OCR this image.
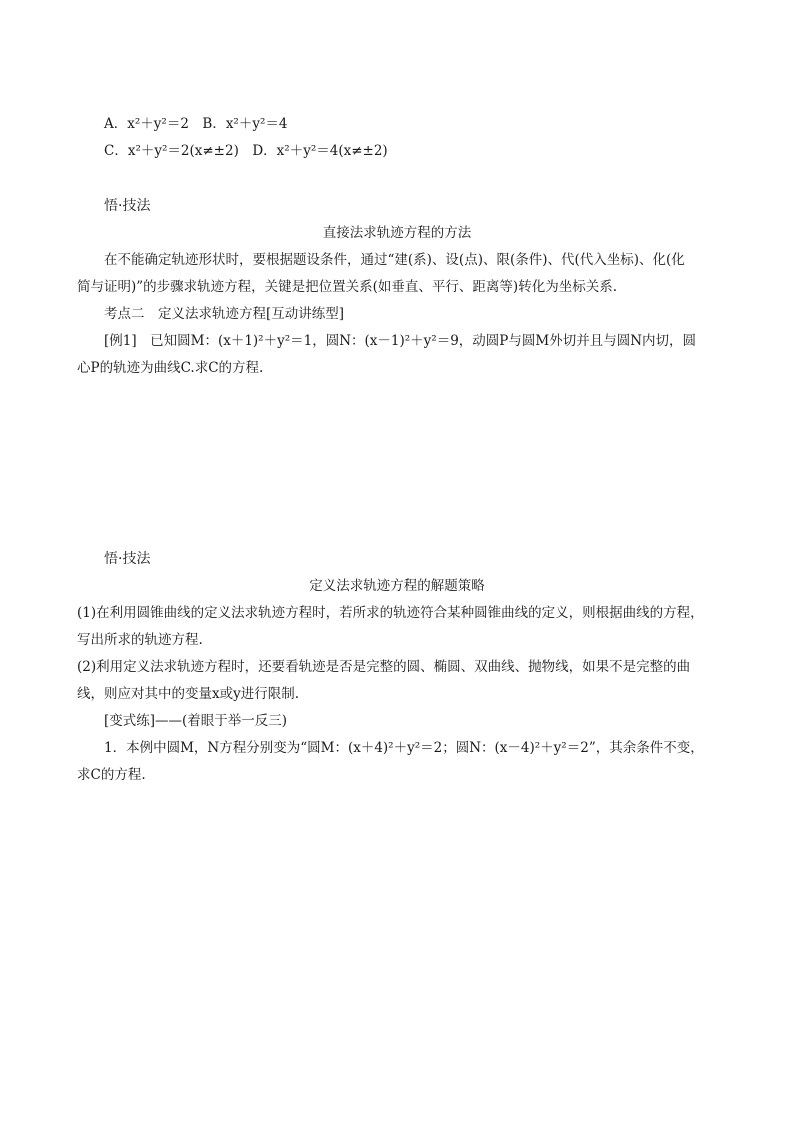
A．x²＋y²＝2　B．x²＋y²＝4
C．x²＋y²＝2(x≠±2)　D．x²＋y²＝4(x≠±2)
悟·技法
直接法求轨迹方程的方法
在不能确定轨迹形状时，要根据题设条件，通过“建(系)、设(点)、限(条件)、代(代入坐标)、化(化
简与证明)”的步骤求轨迹方程，关键是把位置关系(如垂直、平行、距离等)转化为坐标关系.
考点二　定义法求轨迹方程[互动讲练型]
[例1]　已知圆M：(x＋1)²＋y²＝1，圆N：(x－1)²＋y²＝9，动圆P与圆M外切并且与圆N内切，圆
心P的轨迹为曲线C.求C的方程.
悟·技法
定义法求轨迹方程的解题策略
(1)在利用圆锥曲线的定义法求轨迹方程时，若所求的轨迹符合某种圆锥曲线的定义，则根据曲线的方程，
写出所求的轨迹方程.
(2)利用定义法求轨迹方程时，还要看轨迹是否是完整的圆、椭圆、双曲线、抛物线，如果不是完整的曲
线，则应对其中的变量x或y进行限制.
[变式练]——(着眼于举一反三)
1．本例中圆M，N方程分别变为“圆M：(x＋4)²＋y²＝2；圆N：(x－4)²＋y²＝2”，其余条件不变，
求C的方程.
